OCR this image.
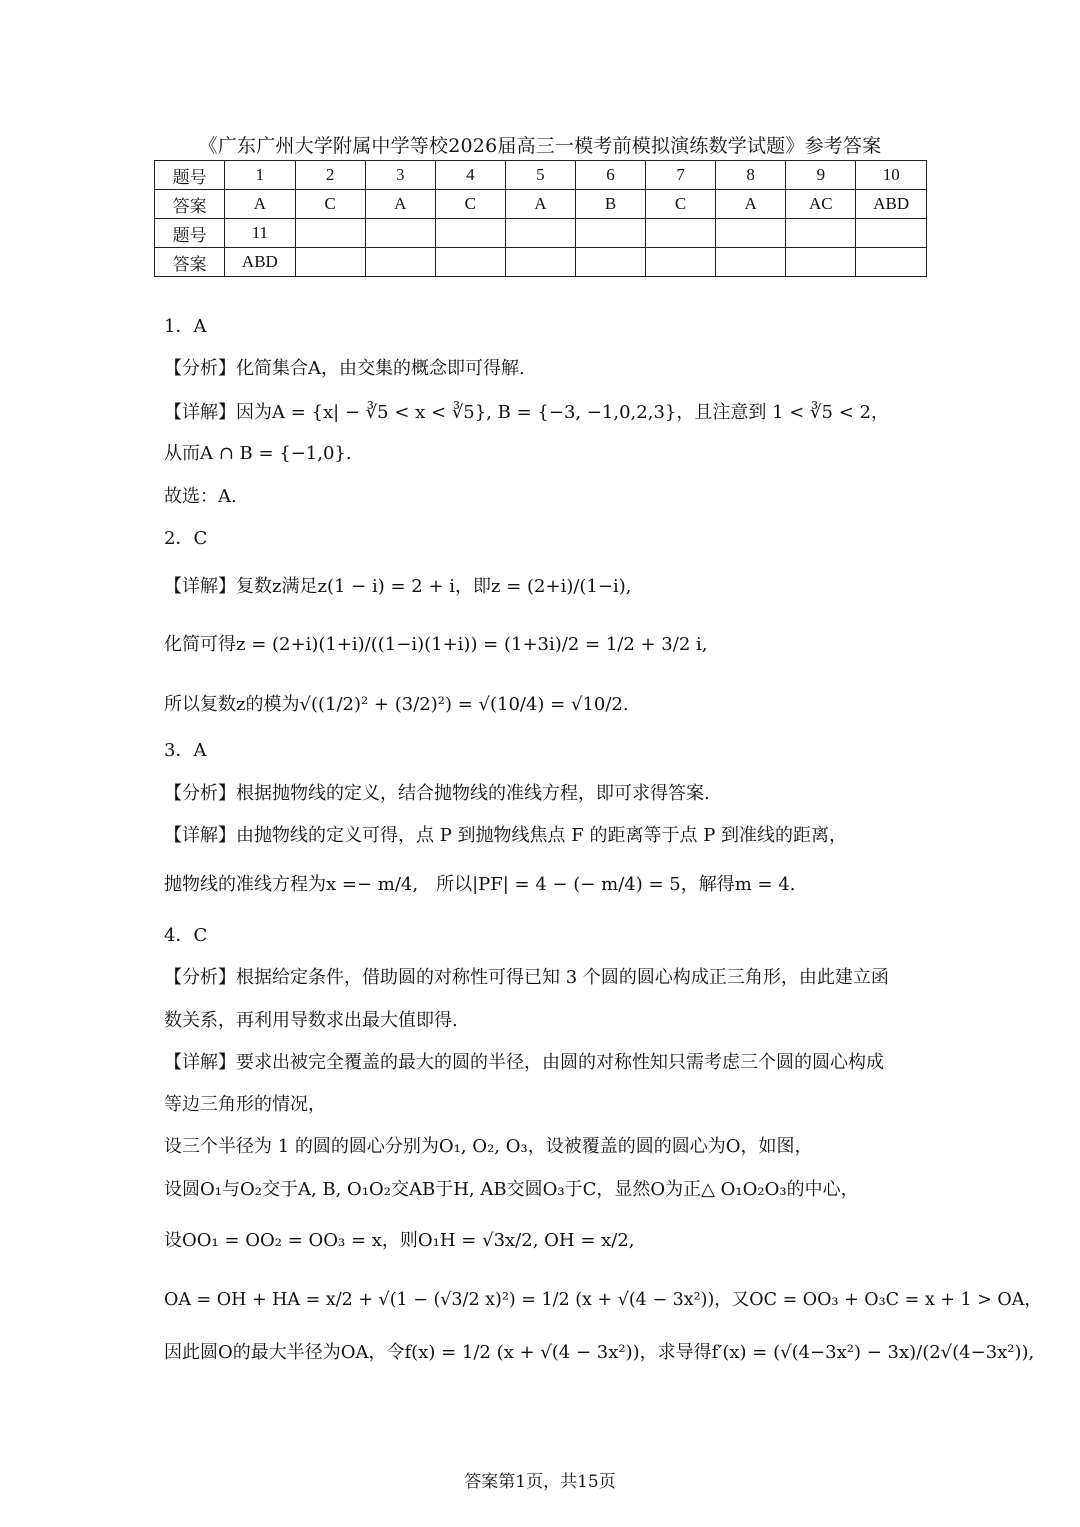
《广东广州大学附属中学等校2026届高三一模考前模拟演练数学试题》参考答案
题号	1	2	3	4	5	6	7	8	9	10
答案	A	C	A	C	A	B	C	A	AC	ABD
题号	11									
答案	ABD									
1．A
【分析】化简集合A，由交集的概念即可得解.
【详解】因为A = {x| − ∛5 < x < ∛5}, B = {−3, −1,0,2,3}，且注意到 1 < ∛5 < 2，
从而A ∩ B = {−1,0}.
故选：A.
2．C
【详解】复数z满足z(1 − i) = 2 + i，即z = (2+i)/(1−i),
化简可得z = (2+i)(1+i)/((1−i)(1+i)) = (1+3i)/2 = 1/2 + 3/2 i,
所以复数z的模为√((1/2)² + (3/2)²) = √(10/4) = √10/2.
3．A
【分析】根据抛物线的定义，结合抛物线的准线方程，即可求得答案.
【详解】由抛物线的定义可得，点 P 到抛物线焦点 F 的距离等于点 P 到准线的距离，
抛物线的准线方程为x =− m/4,　所以|PF| = 4 − (− m/4) = 5，解得m = 4.
4．C
【分析】根据给定条件，借助圆的对称性可得已知 3 个圆的圆心构成正三角形，由此建立函
数关系，再利用导数求出最大值即得.
【详解】要求出被完全覆盖的最大的圆的半径，由圆的对称性知只需考虑三个圆的圆心构成
等边三角形的情况，
设三个半径为 1 的圆的圆心分别为O₁, O₂, O₃，设被覆盖的圆的圆心为O，如图，
设圆O₁与O₂交于A, B, O₁O₂交AB于H, AB交圆O₃于C，显然O为正△ O₁O₂O₃的中心，
设OO₁ = OO₂ = OO₃ = x，则O₁H = √3x/2, OH = x/2,
OA = OH + HA = x/2 + √(1 − (√3/2 x)²) = 1/2 (x + √(4 − 3x²))，又OC = OO₃ + O₃C = x + 1 > OA，
因此圆O的最大半径为OA，令f(x) = 1/2 (x + √(4 − 3x²))，求导得f′(x) = (√(4−3x²) − 3x)/(2√(4−3x²)),
答案第1页，共15页
